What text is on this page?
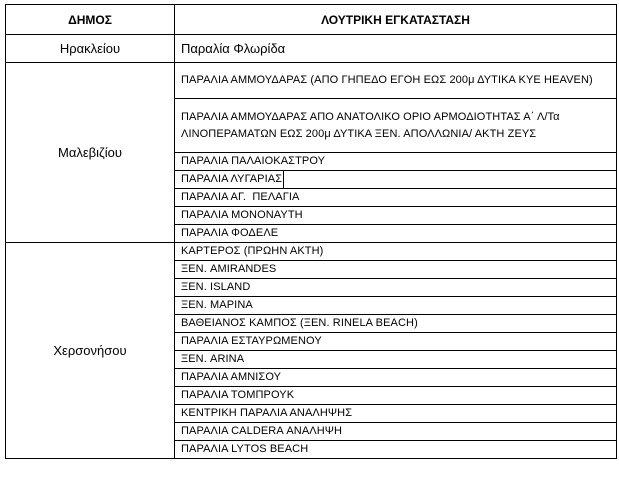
ΔΗΜΟΣ	ΛΟΥΤΡΙΚΗ ΕΓΚΑΤΑΣΤΑΣΗ
Ηρακλείου	Παραλία Φλωρίδα
Μαλεβιζίου	ΠΑΡΑΛΙΑ ΑΜΜΟΥΔΑΡΑΣ (ΑΠΟ ΓΗΠΕΔΟ ΕΓΟΗ ΕΩΣ 200μ ΔΥΤΙΚΑ ΚΥΕ HEAVEN)
	ΠΑΡΑΛΙΑ ΑΜΜΟΥΔΑΡΑΣ ΑΠΟ ΑΝΑΤΟΛΙΚΟ ΟΡΙΟ ΑΡΜΟΔΙΟΤΗΤΑΣ Α΄ Λ/Τα ΛΙΝΟΠΕΡΑΜΑΤΩΝ ΕΩΣ 200μ ΔΥΤΙΚΑ ΞΕΝ. ΑΠΟΛΛΩΝΙΑ/ ΑΚΤΗ ΖΕΥΣ
	ΠΑΡΑΛΙΑ ΠΑΛΑΙΟΚΑΣΤΡΟΥ
	ΠΑΡΑΛΙΑ ΛΥΓΑΡΙΑΣ
	ΠΑΡΑΛΙΑ ΑΓ.  ΠΕΛΑΓΙΑ
	ΠΑΡΑΛΙΑ ΜΟΝΟΝΑΥΤΗ
	ΠΑΡΑΛΙΑ ΦΟΔΕΛΕ
Χερσονήσου	ΚΑΡΤΕΡΟΣ (ΠΡΩΗΝ ΑΚΤΗ)
	ΞΕΝ. AMIRANDES
	ΞΕΝ. ISLAND
	ΞΕΝ. ΜΑΡΙΝΑ
	ΒΑΘΕΙΑΝΟΣ ΚΑΜΠΟΣ (ΞΕΝ. RINELA BEACH)
	ΠΑΡΑΛΙΑ ΕΣΤΑΥΡΩΜΕΝΟΥ
	ΞΕΝ. ARINA
	ΠΑΡΑΛΙΑ ΑΜΝΙΣΟΥ
	ΠΑΡΑΛΙΑ ΤΟΜΠΡΟΥΚ
	ΚΕΝΤΡΙΚΗ ΠΑΡΑΛΙΑ ΑΝΑΛΗΨΗΣ
	ΠΑΡΑΛΙΑ CALDERA ΑΝΑΛΗΨΗ
	ΠΑΡΑΛΙΑ LYTOS BEACH
